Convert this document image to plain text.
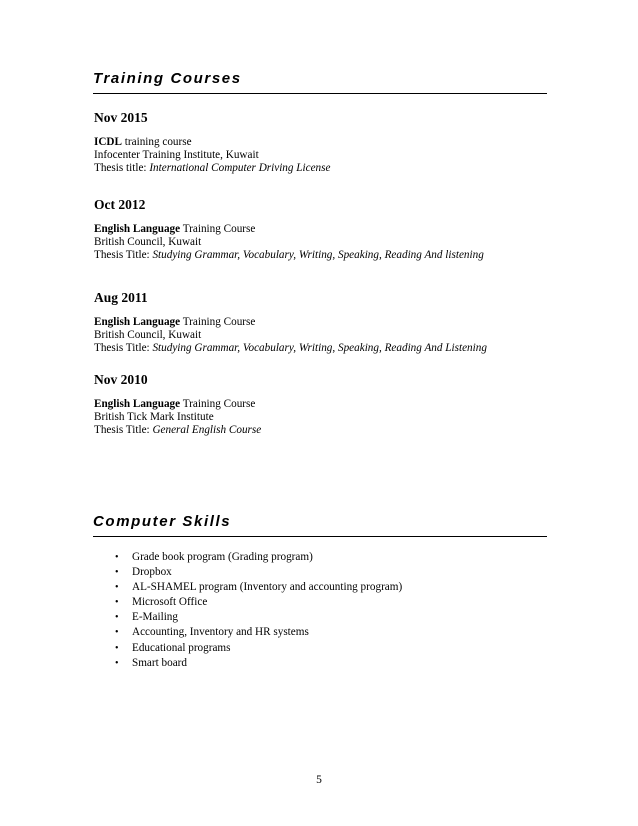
Training Courses
Nov 2015
ICDL training course
Infocenter Training Institute, Kuwait
Thesis title: International Computer Driving License
Oct 2012
English Language Training Course
British Council, Kuwait
Thesis Title: Studying Grammar, Vocabulary, Writing, Speaking, Reading And listening
Aug 2011
English Language Training Course
British Council, Kuwait
Thesis Title: Studying Grammar, Vocabulary, Writing, Speaking, Reading And Listening
Nov 2010
English Language Training Course
British Tick Mark Institute
Thesis Title: General English Course
Computer Skills
• Grade book program (Grading program)
• Dropbox
• AL-SHAMEL program (Inventory and accounting program)
• Microsoft Office
• E-Mailing
• Accounting, Inventory and HR systems
• Educational programs
• Smart board
5
